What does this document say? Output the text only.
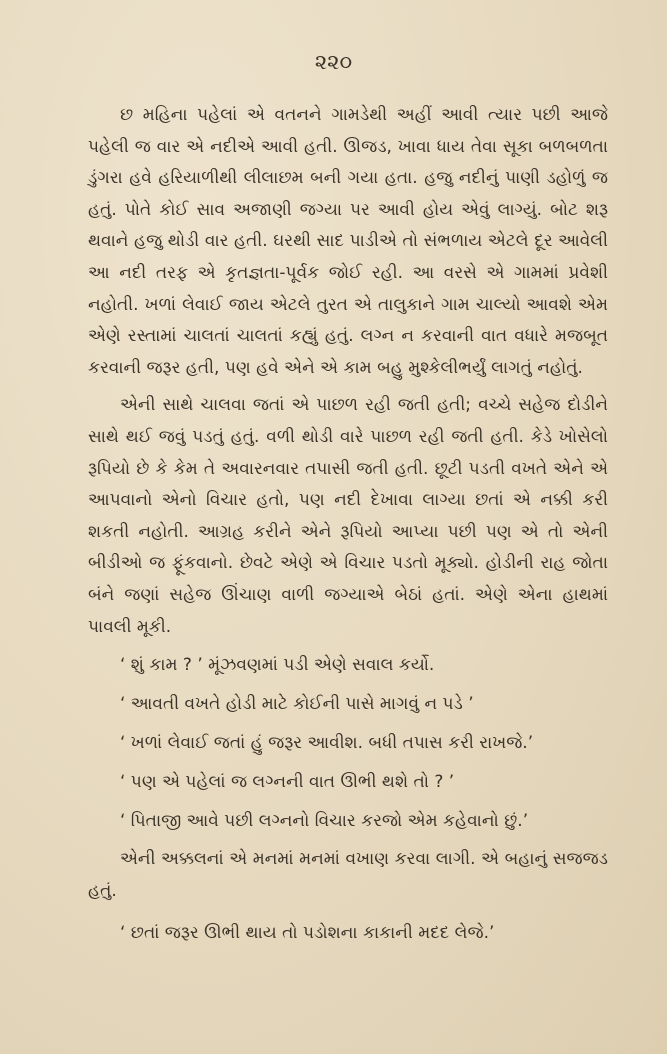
૨૨૦

છ મહિના પહેલાં એ વતનને ગામડેથી અહીં આવી ત્યાર પછી આજે પહેલી જ વાર એ નદીએ આવી હતી. ઊજડ, ખાવા ધાય તેવા સૂકા બળબળતા ડુંગરા હવે હરિયાળીથી લીલાછમ બની ગયા હતા. હજુ નદીનું પાણી ડહોળું જ હતું. પોતે કોઈ સાવ અજાણી જગ્યા પર આવી હોય એવું લાગ્યું. બોટ શરૂ થવાને હજુ થોડી વાર હતી. ઘરથી સાદ પાડીએ તો સંભળાય એટલે દૂર આવેલી આ નદી તરફ એ કૃતજ્ઞતા-પૂર્વક જોઈ રહી. આ વરસે એ ગામમાં પ્રવેશી નહોતી. ખળાં લેવાઈ જાય એટલે તુરત એ તાલુકાને ગામ ચાલ્યો આવશે એમ એણે રસ્તામાં ચાલતાં ચાલતાં કહ્યું હતું. લગ્ન ન કરવાની વાત વધારે મજબૂત કરવાની જરૂર હતી, પણ હવે એને એ કામ બહુ મુશ્કેલીભર્યું લાગતું નહોતું.

એની સાથે ચાલવા જતાં એ પાછળ રહી જતી હતી; વચ્ચે સહેજ દોડીને સાથે થઈ જવું પડતું હતું. વળી થોડી વારે પાછળ રહી જતી હતી. કેડે ખોસેલો રૂપિયો છે કે કેમ તે અવારનવાર તપાસી જતી હતી. છૂટી પડતી વખતે એને એ આપવાનો એનો વિચાર હતો, પણ નદી દેખાવા લાગ્યા છતાં એ નક્કી કરી શકતી નહોતી. આગ્રહ કરીને એને રૂપિયો આપ્યા પછી પણ એ તો એની બીડીઓ જ ફૂંકવાનો. છેવટે એણે એ વિચાર પડતો મૂક્યો. હોડીની રાહ જોતા બંને જણાં સહેજ ઊંચાણ વાળી જગ્યાએ બેઠાં હતાં. એણે એના હાથમાં પાવલી મૂકી.

‘ શું કામ ? ’ મૂંઝવણમાં પડી એણે સવાલ કર્યો.

‘ આવતી વખતે હોડી માટે કોઈની પાસે માગવું ન પડે ’

‘ ખળાં લેવાઈ જતાં હું જરૂર આવીશ. બધી તપાસ કરી રાખજે.’

‘ પણ એ પહેલાં જ લગ્નની વાત ઊભી થશે તો ? ’

‘ પિતાજી આવે પછી લગ્નનો વિચાર કરજો એમ કહેવાનો છું.’

એની અક્કલનાં એ મનમાં મનમાં વખાણ કરવા લાગી. એ બહાનું સજજડ હતું.

‘ છતાં જરૂર ઊભી થાય તો પડોશના કાકાની મદદ લેજે.’
